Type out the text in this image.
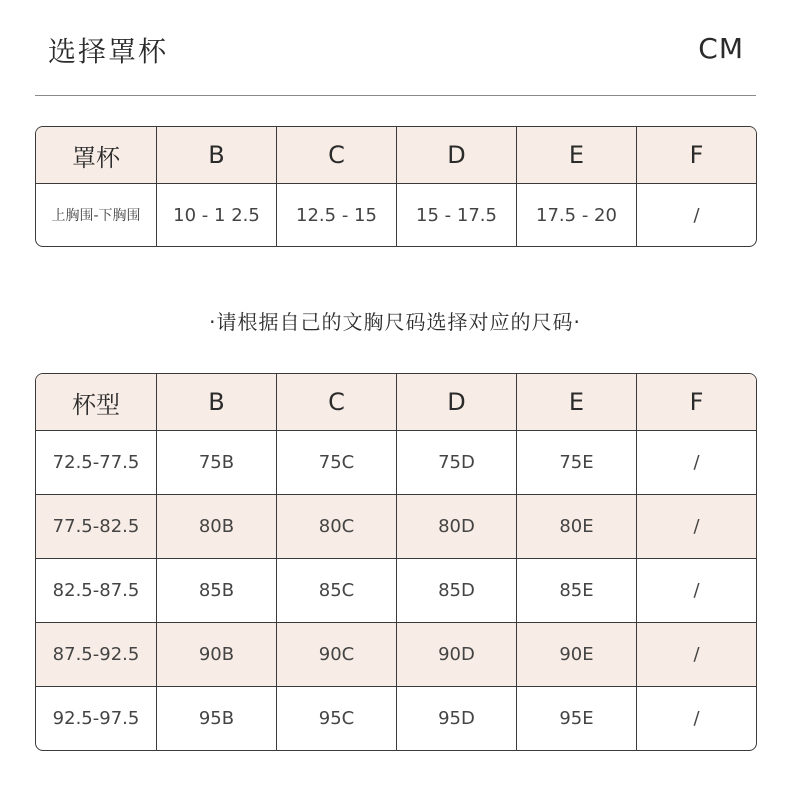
选择罩杯	CM
罩杯	B	C	D	E	F
上胸围-下胸围	10 - 1 2.5	12.5 - 15	15 - 17.5	17.5 - 20	/
·请根据自己的文胸尺码选择对应的尺码·
杯型	B	C	D	E	F
72.5-77.5	75B	75C	75D	75E	/
77.5-82.5	80B	80C	80D	80E	/
82.5-87.5	85B	85C	85D	85E	/
87.5-92.5	90B	90C	90D	90E	/
92.5-97.5	95B	95C	95D	95E	/
